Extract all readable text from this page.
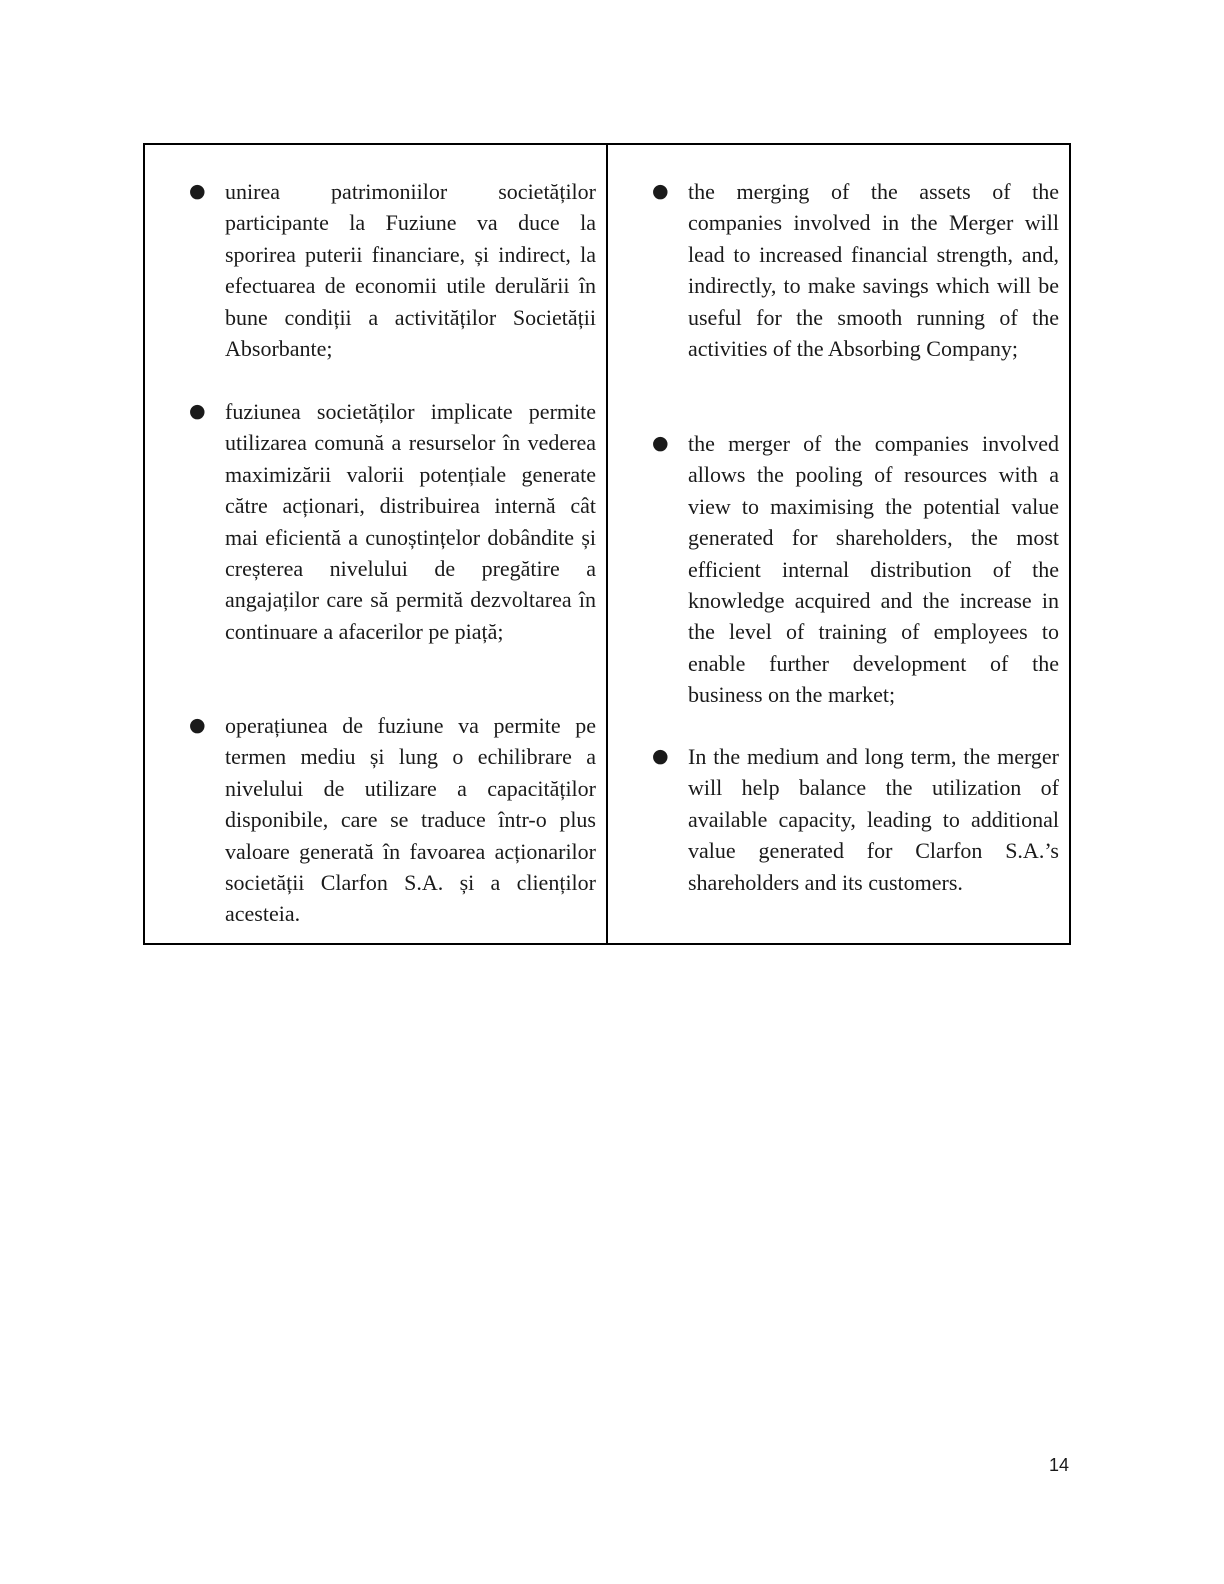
● unirea patrimoniilor societăților participante la Fuziune va duce la sporirea puterii financiare, și indirect, la efectuarea de economii utile derulării în bune condiții a activităților Societății Absorbante;

● fuziunea societăților implicate permite utilizarea comună a resurselor în vederea maximizării valorii potențiale generate către acționari, distribuirea internă cât mai eficientă a cunoștințelor dobândite și creșterea nivelului de pregătire a angajaților care să permită dezvoltarea în continuare a afacerilor pe piață;

● operațiunea de fuziune va permite pe termen mediu și lung o echilibrare a nivelului de utilizare a capacităților disponibile, care se traduce într-o plus valoare generată în favoarea acționarilor societății Clarfon S.A. și a clienților acesteia.

● the merging of the assets of the companies involved in the Merger will lead to increased financial strength, and, indirectly, to make savings which will be useful for the smooth running of the activities of the Absorbing Company;

● the merger of the companies involved allows the pooling of resources with a view to maximising the potential value generated for shareholders, the most efficient internal distribution of the knowledge acquired and the increase in the level of training of employees to enable further development of the business on the market;

● In the medium and long term, the merger will help balance the utilization of available capacity, leading to additional value generated for Clarfon S.A.’s shareholders and its customers.

14
